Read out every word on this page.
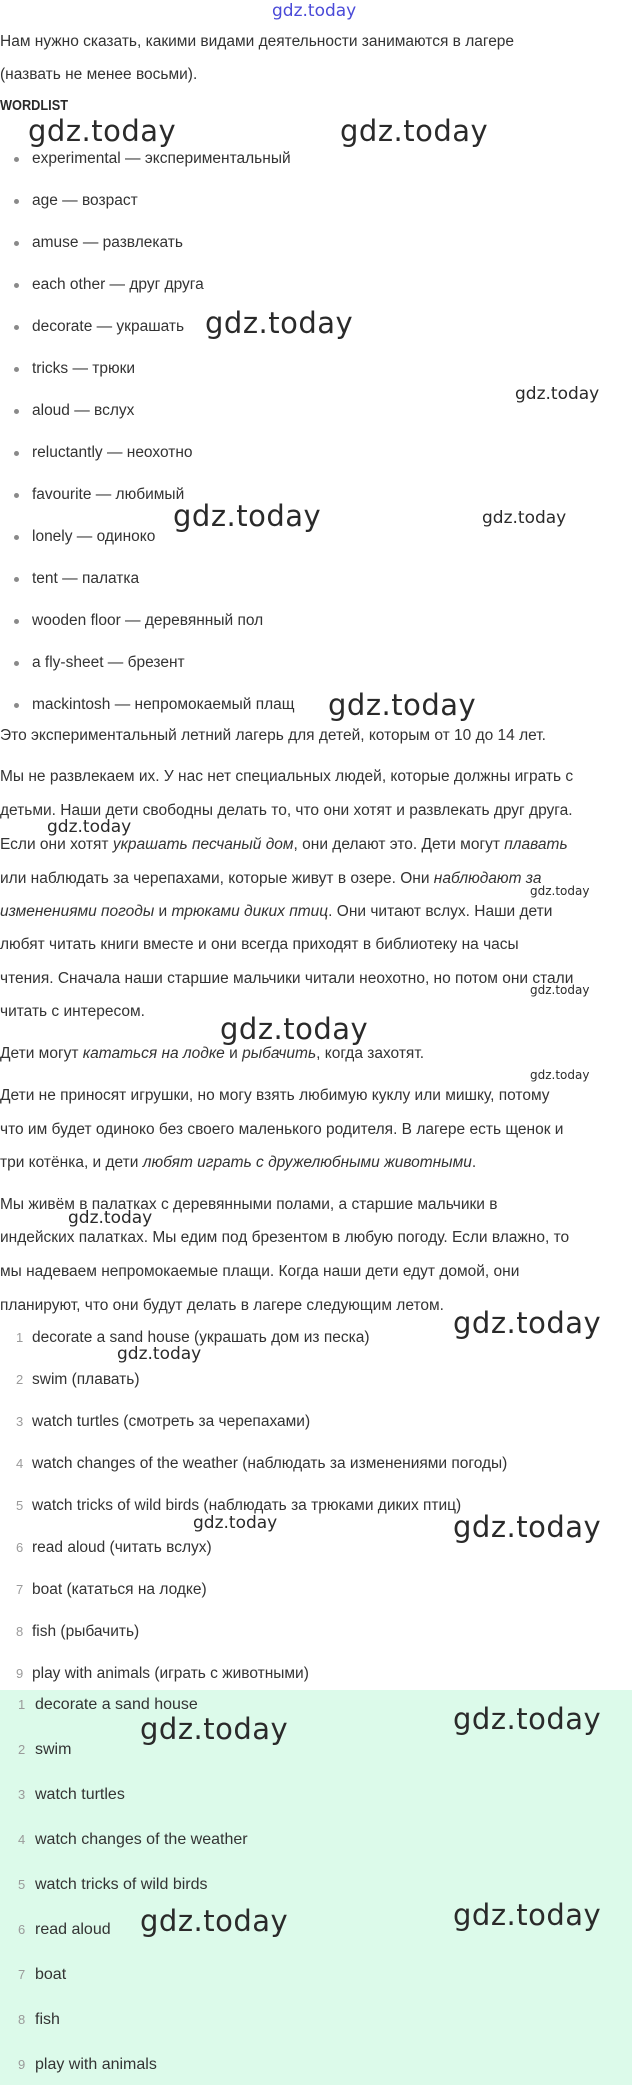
gdz.today
Нам нужно сказать, какими видами деятельности занимаются в лагере
(назвать не менее восьми).
WORDLIST
experimental — экспериментальный
age — возраст
amuse — развлекать
each other — друг друга
decorate — украшать
tricks — трюки
aloud — вслух
reluctantly — неохотно
favourite — любимый
lonely — одиноко
tent — палатка
wooden floor — деревянный пол
a fly-sheet — брезент
mackintosh — непромокаемый плащ
Это экспериментальный летний лагерь для детей, которым от 10 до 14 лет.
Мы не развлекаем их. У нас нет специальных людей, которые должны играть с
детьми. Наши дети свободны делать то, что они хотят и развлекать друг друга.
Если они хотят украшать песчаный дом, они делают это. Дети могут плавать
или наблюдать за черепахами, которые живут в озере. Они наблюдают за
изменениями погоды и трюками диких птиц. Они читают вслух. Наши дети
любят читать книги вместе и они всегда приходят в библиотеку на часы
чтения. Сначала наши старшие мальчики читали неохотно, но потом они стали
читать с интересом.
Дети могут кататься на лодке и рыбачить, когда захотят.
Дети не приносят игрушки, но могу взять любимую куклу или мишку, потому
что им будет одиноко без своего маленького родителя. В лагере есть щенок и
три котёнка, и дети любят играть с дружелюбными животными.
Мы живём в палатках с деревянными полами, а старшие мальчики в
индейских палатках. Мы едим под брезентом в любую погоду. Если влажно, то
мы надеваем непромокаемые плащи. Когда наши дети едут домой, они
планируют, что они будут делать в лагере следующим летом.
1 decorate a sand house (украшать дом из песка)
2 swim (плавать)
3 watch turtles (смотреть за черепахами)
4 watch changes of the weather (наблюдать за изменениями погоды)
5 watch tricks of wild birds (наблюдать за трюками диких птиц)
6 read aloud (читать вслух)
7 boat (кататься на лодке)
8 fish (рыбачить)
9 play with animals (играть с животными)
1 decorate a sand house
2 swim
3 watch turtles
4 watch changes of the weather
5 watch tricks of wild birds
6 read aloud
7 boat
8 fish
9 play with animals
gdz.today	gdz.today
gdz.today
gdz.today
gdz.today	gdz.today
gdz.today
gdz.today
gdz.today
gdz.today
gdz.today
gdz.today
gdz.today
gdz.today
gdz.today
gdz.today	gdz.today
gdz.today
gdz.today
gdz.today	gdz.today
